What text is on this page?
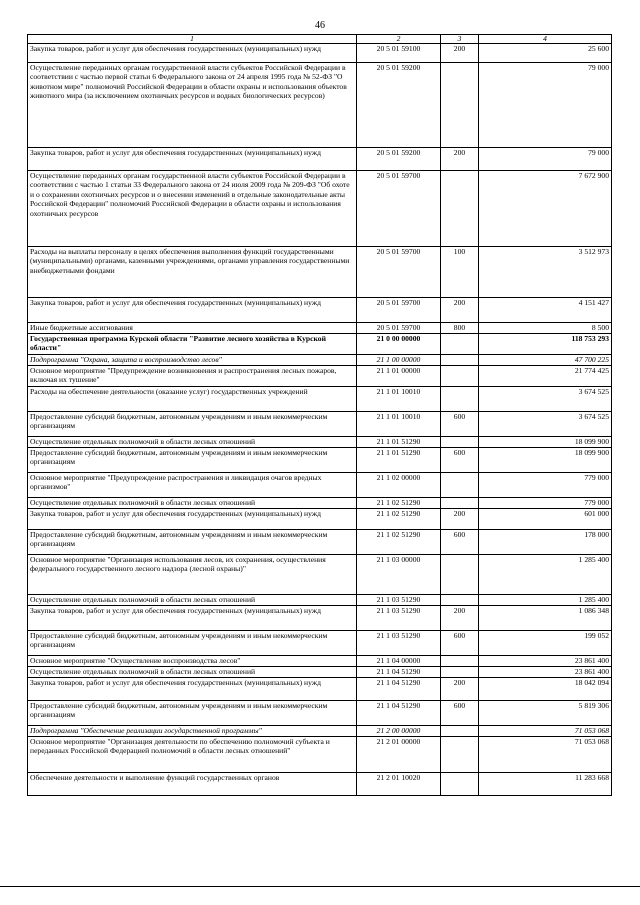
46
1	2	3	4
Закупка товаров, работ и услуг для обеспечения государственных (муниципальных) нужд	20 5 01 59100	200	25 600
Осуществление переданных органам государственной власти субъектов Российской Федерации в соответствии с частью первой статьи 6 Федерального закона от 24 апреля 1995 года № 52-ФЗ "О животном мире" полномочий Российской Федерации в области охраны и использования объектов животного мира (за исключением охотничьих ресурсов и водных биологических ресурсов)	20 5 01 59200		79 000
Закупка товаров, работ и услуг для обеспечения государственных (муниципальных) нужд	20 5 01 59200	200	79 000
Осуществление переданных органам государственной власти субъектов Российской Федерации в соответствии с частью 1 статьи 33 Федерального закона от 24 июля 2009 года № 209-ФЗ "Об охоте и о сохранении охотничьих ресурсов и о внесении изменений в отдельные законодательные акты Российской Федерации" полномочий Российской Федерации в области охраны и использования охотничьих ресурсов	20 5 01 59700		7 672 900
Расходы на выплаты персоналу в целях обеспечения выполнения функций государственными (муниципальными) органами, казенными учреждениями, органами управления государственными внебюджетными фондами	20 5 01 59700	100	3 512 973
Закупка товаров, работ и услуг для обеспечения государственных (муниципальных) нужд	20 5 01 59700	200	4 151 427
Иные бюджетные ассигнования	20 5 01 59700	800	8 500
Государственная программа Курской области "Развитие лесного хозяйства в Курской области"	21 0 00 00000		118 753 293
Подпрограмма "Охрана, защита и воспроизводство лесов"	21 1 00 00000		47 700 225
Основное мероприятие "Предупреждение возникновения и распространения лесных пожаров, включая их тушение"	21 1 01 00000		21 774 425
Расходы на обеспечение деятельности (оказание услуг) государственных учреждений	21 1 01 10010		3 674 525
Предоставление субсидий бюджетным, автономным учреждениям и иным некоммерческим организациям	21 1 01 10010	600	3 674 525
Осуществление отдельных полномочий в области лесных отношений	21 1 01 51290		18 099 900
Предоставление субсидий бюджетным, автономным учреждениям и иным некоммерческим организациям	21 1 01 51290	600	18 099 900
Основное мероприятие "Предупреждение распространения и ликвидация очагов вредных организмов"	21 1 02 00000		779 000
Осуществление отдельных полномочий в области лесных отношений	21 1 02 51290		779 000
Закупка товаров, работ и услуг для обеспечения государственных (муниципальных) нужд	21 1 02 51290	200	601 000
Предоставление субсидий бюджетным, автономным учреждениям и иным некоммерческим организациям	21 1 02 51290	600	178 000
Основное мероприятие "Организация использования лесов, их сохранения, осуществления федерального государственного лесного надзора (лесной охраны)"	21 1 03 00000		1 285 400
Осуществление отдельных полномочий в области лесных отношений	21 1 03 51290		1 285 400
Закупка товаров, работ и услуг для обеспечения государственных (муниципальных) нужд	21 1 03 51290	200	1 086 348
Предоставление субсидий бюджетным, автономным учреждениям и иным некоммерческим организациям	21 1 03 51290	600	199 052
Основное мероприятие "Осуществление воспроизводства лесов"	21 1 04 00000		23 861 400
Осуществление отдельных полномочий в области лесных отношений	21 1 04 51290		23 861 400
Закупка товаров, работ и услуг для обеспечения государственных (муниципальных) нужд	21 1 04 51290	200	18 042 094
Предоставление субсидий бюджетным, автономным учреждениям и иным некоммерческим организациям	21 1 04 51290	600	5 819 306
Подпрограмма "Обеспечение реализации государственной программы"	21 2 00 00000		71 053 068
Основное мероприятие "Организация деятельности по обеспечению полномочий субъекта и переданных Российской Федерацией полномочий в области лесных отношений"	21 2 01 00000		71 053 068
Обеспечение деятельности и выполнение функций государственных органов	21 2 01 10020		11 283 668
